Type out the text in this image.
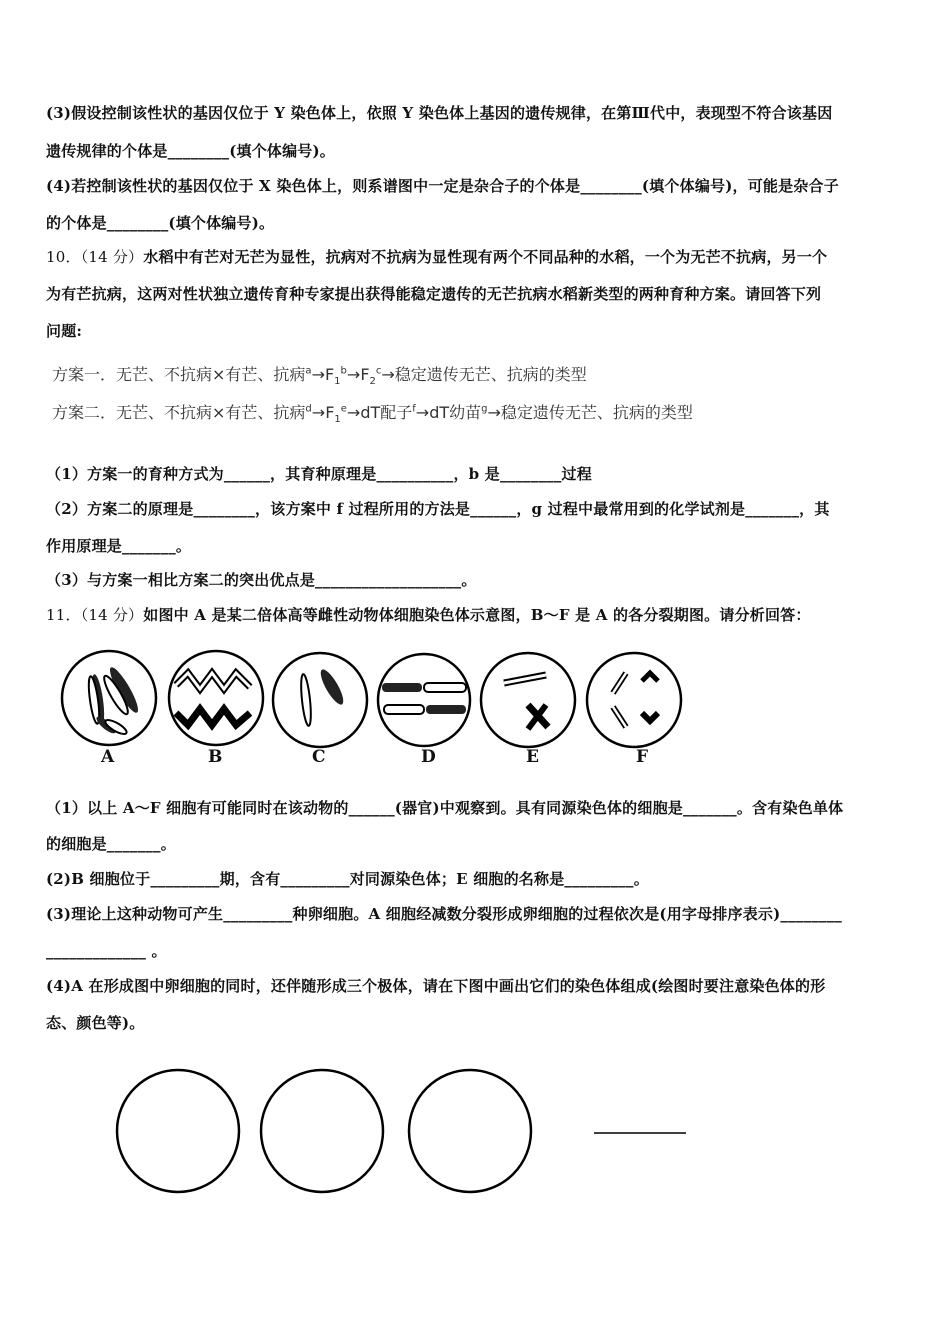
(3)假设控制该性状的基因仅位于 Y 染色体上，依照 Y 染色体上基因的遗传规律，在第Ⅲ代中，表现型不符合该基因
遗传规律的个体是________(填个体编号)。
(4)若控制该性状的基因仅位于 X 染色体上，则系谱图中一定是杂合子的个体是________(填个体编号)，可能是杂合子
的个体是________(填个体编号)。
10．（14 分）水稻中有芒对无芒为显性，抗病对不抗病为显性现有两个不同品种的水稻，一个为无芒不抗病，另一个
为有芒抗病，这两对性状独立遗传育种专家提出获得能稳定遗传的无芒抗病水稻新类型的两种育种方案。请回答下列
问题:
方案一．无芒、不抗病×有芒、抗病$^a\to F_1^b\to F_2^c\to$稳定遗传无芒、抗病的类型
方案二．无芒、不抗病×有芒、抗病$^d\to F_1^e\to dT$配子$^f$→dT幼苗$^g$→稳定遗传无芒、抗病的类型
（1）方案一的育种方式为______，其育种原理是__________，b 是________过程
（2）方案二的原理是________，该方案中 f 过程所用的方法是______，g 过程中最常用到的化学试剂是_______，其
作用原理是_______。
（3）与方案一相比方案二的突出优点是___________________。
11．（14 分）如图中 A 是某二倍体高等雌性动物体细胞染色体示意图，B～F 是 A 的各分裂期图。请分析回答：
A	B	C	D	E	F
（1）以上 A～F 细胞有可能同时在该动物的______(器官)中观察到。具有同源染色体的细胞是_______。含有染色单体
的细胞是_______。
(2)B 细胞位于_________期，含有_________对同源染色体；E 细胞的名称是_________。
(3)理论上这种动物可产生_________种卵细胞。A 细胞经减数分裂形成卵细胞的过程依次是(用字母排序表示)________
_____________ 。
(4)A 在形成图中卵细胞的同时，还伴随形成三个极体，请在下图中画出它们的染色体组成(绘图时要注意染色体的形
态、颜色等)。
